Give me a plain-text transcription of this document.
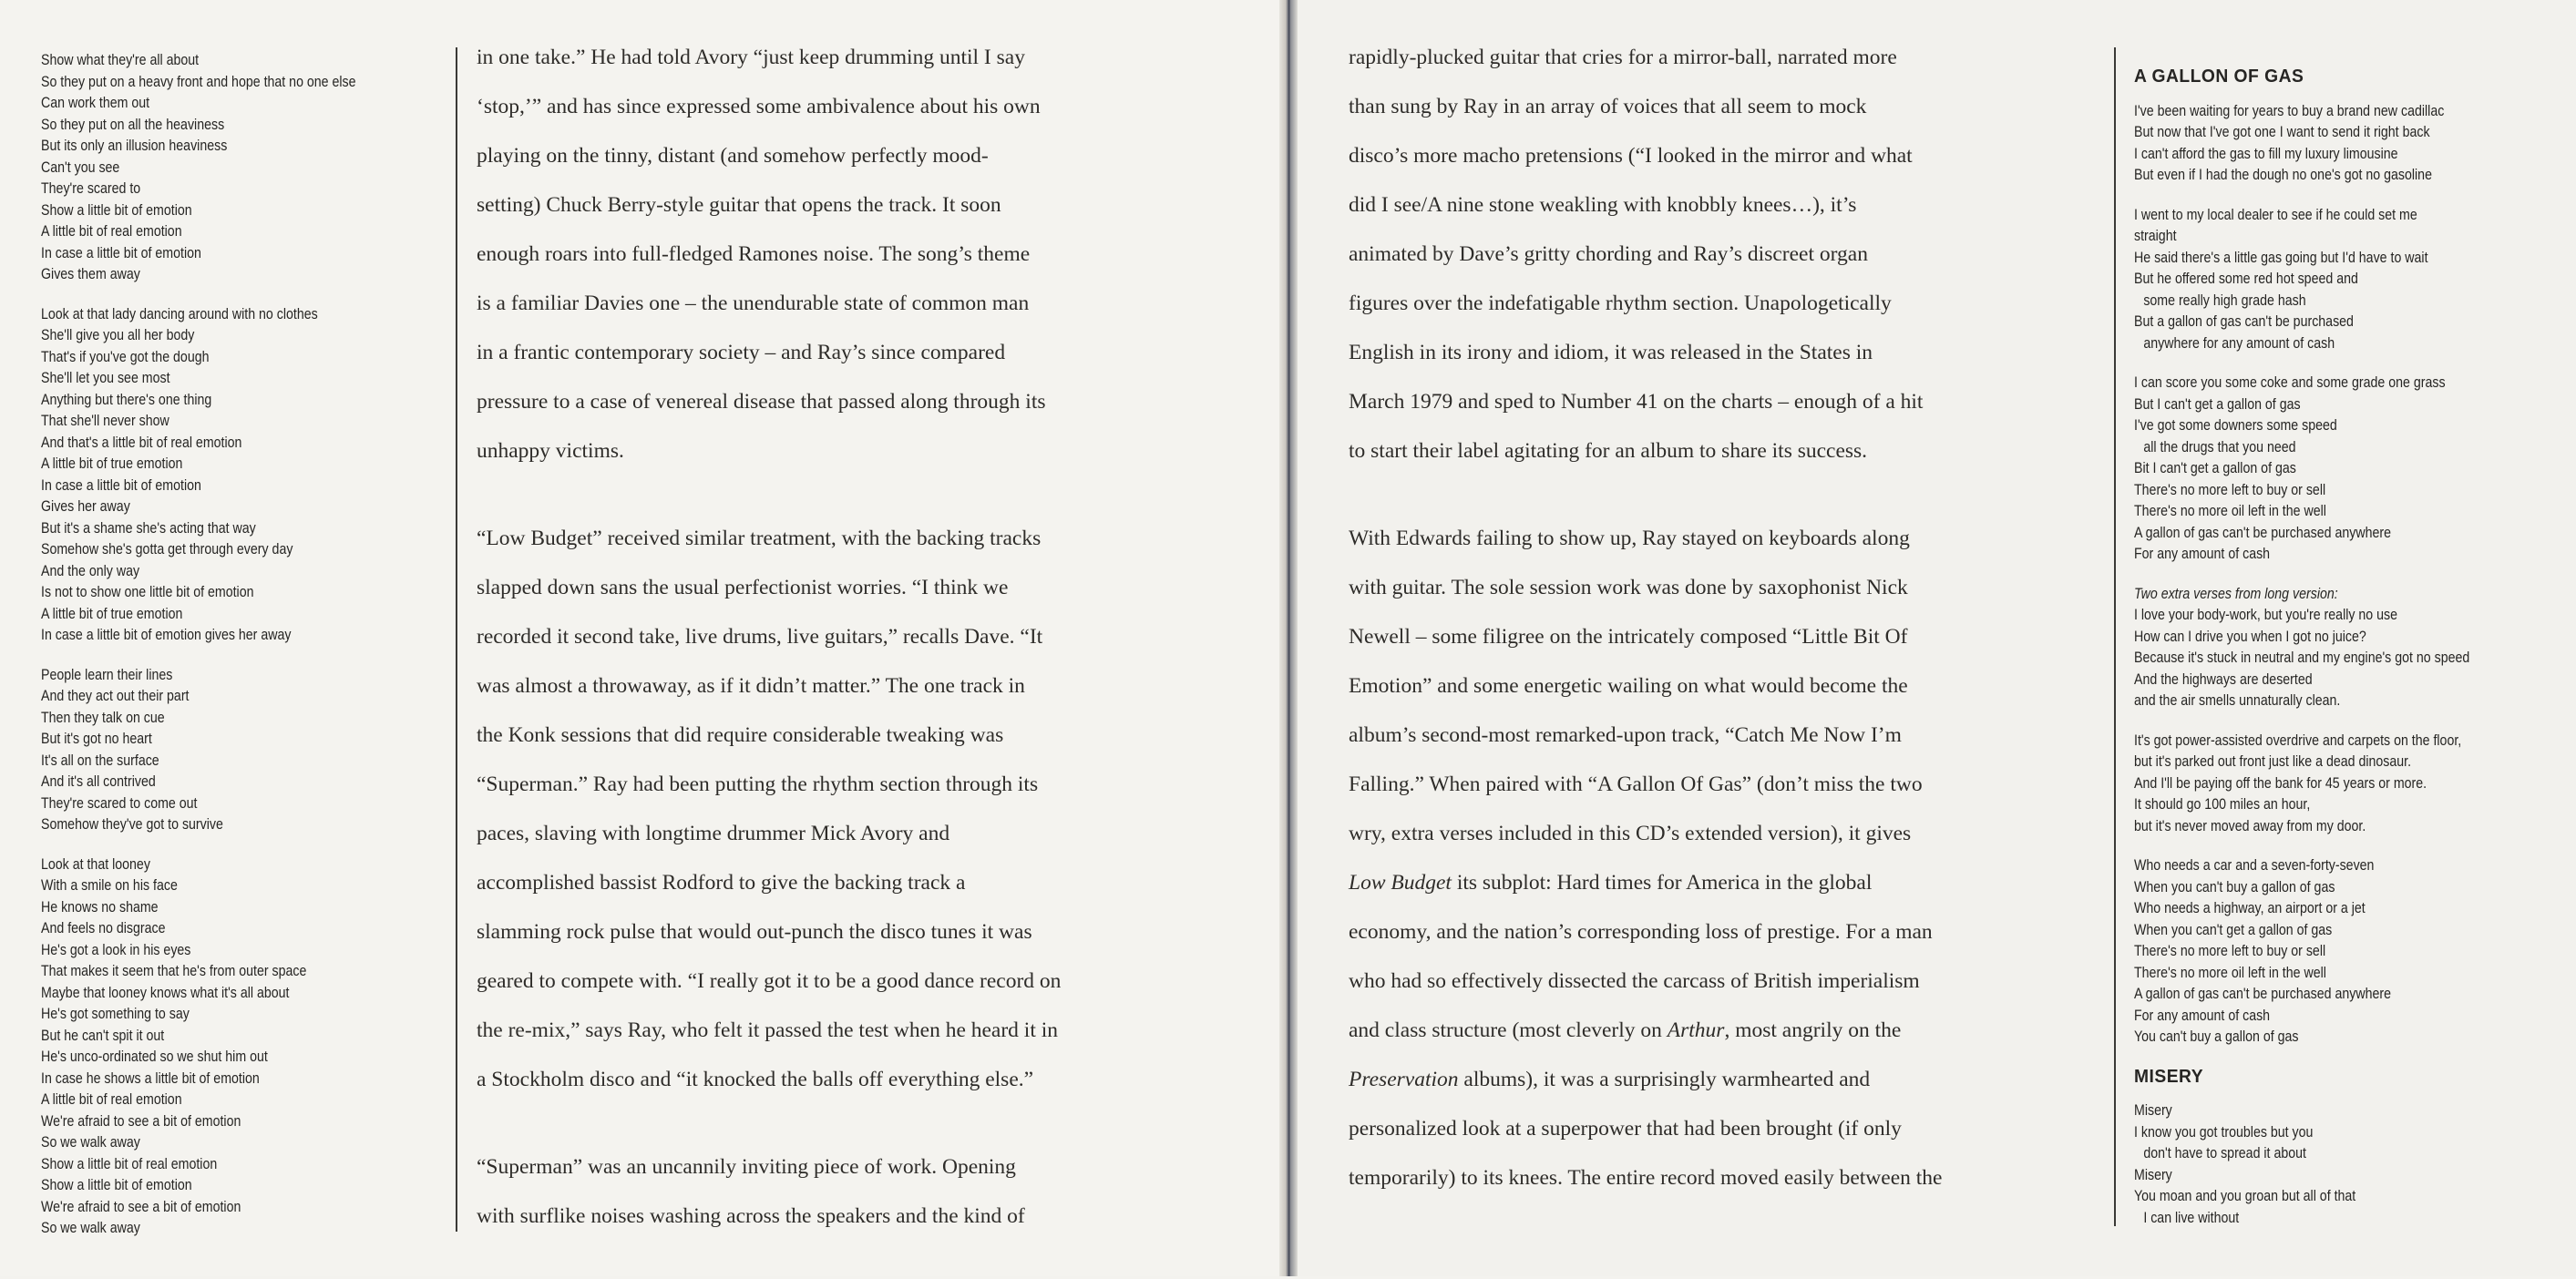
Show what they're all about
So they put on a heavy front and hope that no one else
Can work them out
So they put on all the heaviness
But its only an illusion heaviness
Can't you see
They're scared to
Show a little bit of emotion
A little bit of real emotion
In case a little bit of emotion
Gives them away
Look at that lady dancing around with no clothes
She'll give you all her body
That's if you've got the dough
She'll let you see most
Anything but there's one thing
That she'll never show
And that's a little bit of real emotion
A little bit of true emotion
In case a little bit of emotion
Gives her away
But it's a shame she's acting that way
Somehow she's gotta get through every day
And the only way
Is not to show one little bit of emotion
A little bit of true emotion
In case a little bit of emotion gives her away
People learn their lines
And they act out their part
Then they talk on cue
But it's got no heart
It's all on the surface
And it's all contrived
They're scared to come out
Somehow they've got to survive
Look at that looney
With a smile on his face
He knows no shame
And feels no disgrace
He's got a look in his eyes
That makes it seem that he's from outer space
Maybe that looney knows what it's all about
He's got something to say
But he can't spit it out
He's unco-ordinated so we shut him out
In case he shows a little bit of emotion
A little bit of real emotion
We're afraid to see a bit of emotion
So we walk away
Show a little bit of real emotion
Show a little bit of emotion
We're afraid to see a bit of emotion
So we walk away

in one take.” He had told Avory “just keep drumming until I say
‘stop,’” and has since expressed some ambivalence about his own
playing on the tinny, distant (and somehow perfectly mood-
setting) Chuck Berry-style guitar that opens the track. It soon
enough roars into full-fledged Ramones noise. The song’s theme
is a familiar Davies one – the unendurable state of common man
in a frantic contemporary society – and Ray’s since compared
pressure to a case of venereal disease that passed along through its
unhappy victims.

“Low Budget” received similar treatment, with the backing tracks
slapped down sans the usual perfectionist worries. “I think we
recorded it second take, live drums, live guitars,” recalls Dave. “It
was almost a throwaway, as if it didn’t matter.” The one track in
the Konk sessions that did require considerable tweaking was
“Superman.” Ray had been putting the rhythm section through its
paces, slaving with longtime drummer Mick Avory and
accomplished bassist Rodford to give the backing track a
slamming rock pulse that would out-punch the disco tunes it was
geared to compete with. “I really got it to be a good dance record on
the re-mix,” says Ray, who felt it passed the test when he heard it in
a Stockholm disco and “it knocked the balls off everything else.”

“Superman” was an uncannily inviting piece of work. Opening
with surflike noises washing across the speakers and the kind of

rapidly-plucked guitar that cries for a mirror-ball, narrated more
than sung by Ray in an array of voices that all seem to mock
disco’s more macho pretensions (“I looked in the mirror and what
did I see/A nine stone weakling with knobbly knees…), it’s
animated by Dave’s gritty chording and Ray’s discreet organ
figures over the indefatigable rhythm section. Unapologetically
English in its irony and idiom, it was released in the States in
March 1979 and sped to Number 41 on the charts – enough of a hit
to start their label agitating for an album to share its success.

With Edwards failing to show up, Ray stayed on keyboards along
with guitar. The sole session work was done by saxophonist Nick
Newell – some filigree on the intricately composed “Little Bit Of
Emotion” and some energetic wailing on what would become the
album’s second-most remarked-upon track, “Catch Me Now I’m
Falling.” When paired with “A Gallon Of Gas” (don’t miss the two
wry, extra verses included in this CD’s extended version), it gives
Low Budget its subplot: Hard times for America in the global
economy, and the nation’s corresponding loss of prestige. For a man
who had so effectively dissected the carcass of British imperialism
and class structure (most cleverly on Arthur, most angrily on the
Preservation albums), it was a surprisingly warmhearted and
personalized look at a superpower that had been brought (if only
temporarily) to its knees. The entire record moved easily between the

A GALLON OF GAS
I've been waiting for years to buy a brand new cadillac
But now that I've got one I want to send it right back
I can't afford the gas to fill my luxury limousine
But even if I had the dough no one's got no gasoline
I went to my local dealer to see if he could set me
straight
He said there's a little gas going but I'd have to wait
But he offered some red hot speed and
some really high grade hash
But a gallon of gas can't be purchased
anywhere for any amount of cash
I can score you some coke and some grade one grass
But I can't get a gallon of gas
I've got some downers some speed
all the drugs that you need
Bit I can't get a gallon of gas
There's no more left to buy or sell
There's no more oil left in the well
A gallon of gas can't be purchased anywhere
For any amount of cash
Two extra verses from long version:
I love your body-work, but you're really no use
How can I drive you when I got no juice?
Because it's stuck in neutral and my engine's got no speed
And the highways are deserted
and the air smells unnaturally clean.
It's got power-assisted overdrive and carpets on the floor,
but it's parked out front just like a dead dinosaur.
And I'll be paying off the bank for 45 years or more.
It should go 100 miles an hour,
but it's never moved away from my door.
Who needs a car and a seven-forty-seven
When you can't buy a gallon of gas
Who needs a highway, an airport or a jet
When you can't get a gallon of gas
There's no more left to buy or sell
There's no more oil left in the well
A gallon of gas can't be purchased anywhere
For any amount of cash
You can't buy a gallon of gas
MISERY
Misery
I know you got troubles but you
don't have to spread it about
Misery
You moan and you groan but all of that
I can live without
